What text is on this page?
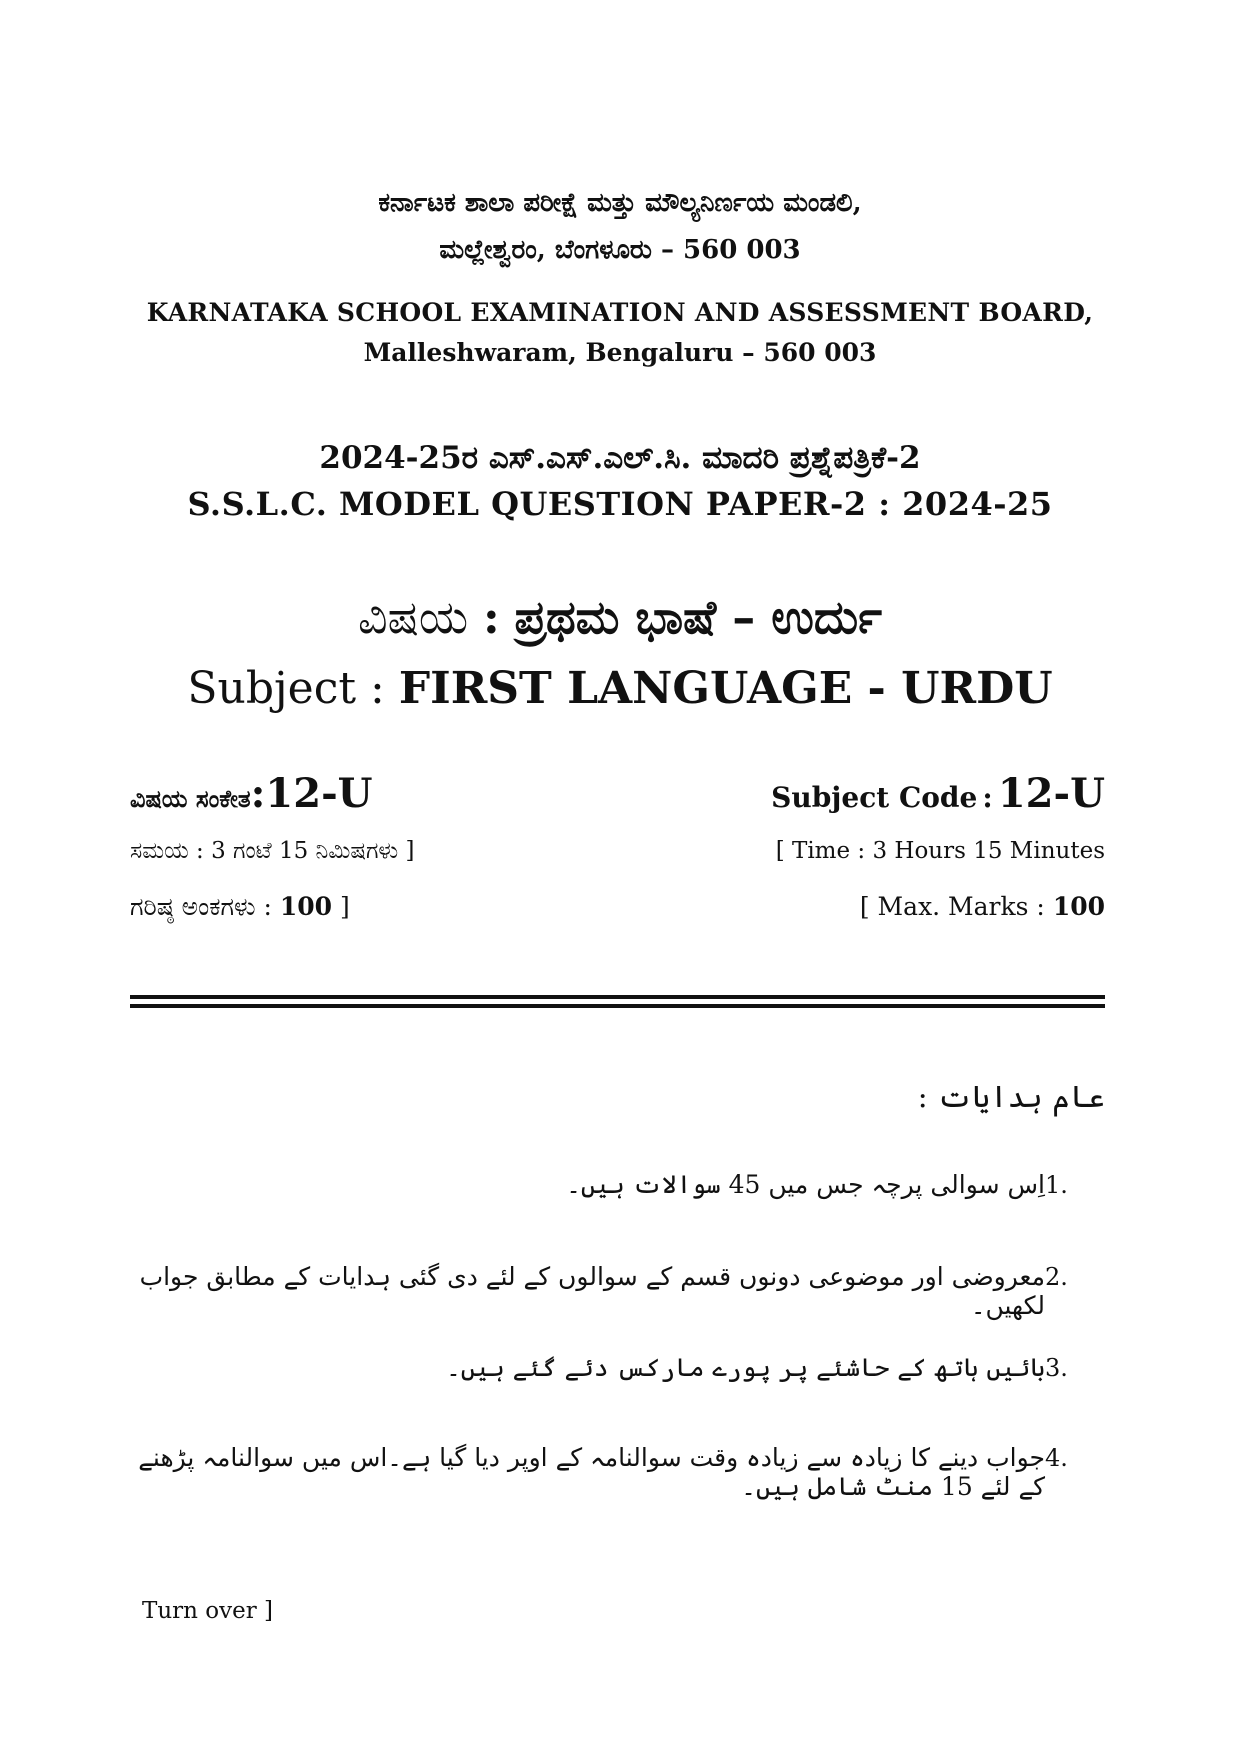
ಕರ್ನಾಟಕ ಶಾಲಾ ಪರೀಕ್ಷೆ ಮತ್ತು ಮೌಲ್ಯನಿರ್ಣಯ ಮಂಡಲಿ,
ಮಲ್ಲೇಶ್ವರಂ, ಬೆಂಗಳೂರು – 560 003
KARNATAKA SCHOOL EXAMINATION AND ASSESSMENT BOARD,
Malleshwaram, Bengaluru – 560 003
2024-25ರ ಎಸ್.ಎಸ್.ಎಲ್.ಸಿ. ಮಾದರಿ ಪ್ರಶ್ನೆಪತ್ರಿಕೆ-2
S.S.L.C. MODEL QUESTION PAPER-2 : 2024-25
ವಿಷಯ : ಪ್ರಥಮ ಭಾಷೆ – ಉರ್ದು
Subject : FIRST LANGUAGE - URDU
ವಿಷಯ ಸಂಕೇತ:12-U	Subject Code : 12-U
ಸಮಯ : 3 ಗಂಟೆ 15 ನಿಮಿಷಗಳು ]	[ Time : 3 Hours 15 Minutes
ಗರಿಷ್ಠ ಅಂಕಗಳು : 100 ]	[ Max. Marks : 100
عام ہدایات :
1.
اِس سوالی پرچہ جس میں 45 سوالات ہیں۔
2.
معروضی اور موضوعی دونوں قسم کے سوالوں کے لئے دی گئی ہدایات کے مطابق جواب لکھیں۔
3.
بائیں ہاتھ کے حاشئے پر پورے مارکس دئے گئے ہیں۔
4.
جواب دینے کا زیادہ سے زیادہ وقت سوالنامہ کے اوپر دیا گیا ہے۔اس میں سوالنامہ پڑھنے کے لئے 15 منٹ شامل ہیں۔
Turn over ]
